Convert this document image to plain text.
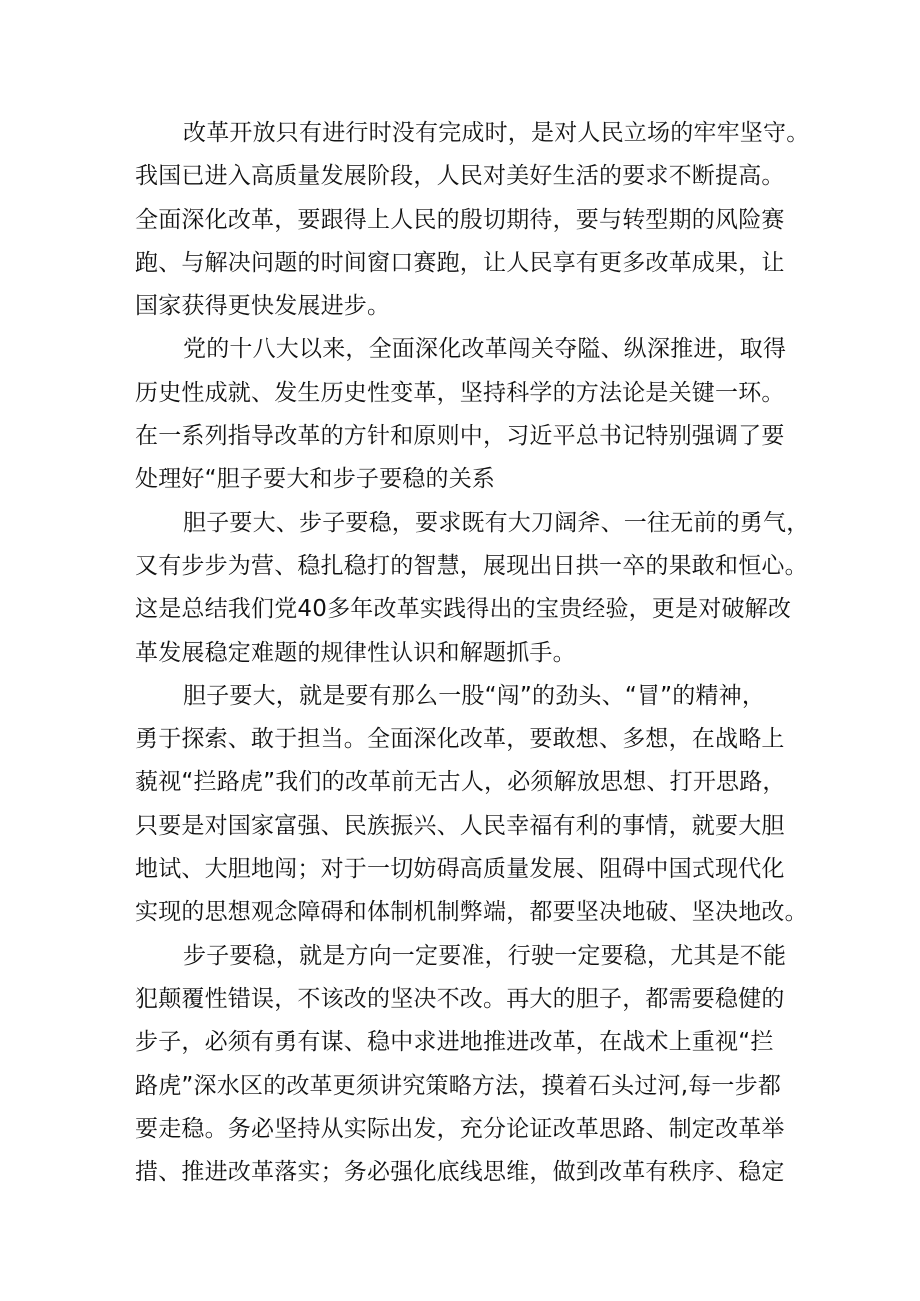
改革开放只有进行时没有完成时，是对人民立场的牢牢坚守。
我国已进入高质量发展阶段，人民对美好生活的要求不断提高。
全面深化改革，要跟得上人民的殷切期待，要与转型期的风险赛
跑、与解决问题的时间窗口赛跑，让人民享有更多改革成果，让
国家获得更快发展进步。

党的十八大以来，全面深化改革闯关夺隘、纵深推进，取得
历史性成就、发生历史性变革，坚持科学的方法论是关键一环。
在一系列指导改革的方针和原则中，习近平总书记特别强调了要
处理好“胆子要大和步子要稳的关系

胆子要大、步子要稳，要求既有大刀阔斧、一往无前的勇气，
又有步步为营、稳扎稳打的智慧，展现出日拱一卒的果敢和恒心。
这是总结我们党40多年改革实践得出的宝贵经验，更是对破解改
革发展稳定难题的规律性认识和解题抓手。

胆子要大，就是要有那么一股“闯”的劲头、“冒”的精神，
勇于探索、敢于担当。全面深化改革，要敢想、多想，在战略上
藐视“拦路虎”我们的改革前无古人，必须解放思想、打开思路，
只要是对国家富强、民族振兴、人民幸福有利的事情，就要大胆
地试、大胆地闯；对于一切妨碍高质量发展、阻碍中国式现代化
实现的思想观念障碍和体制机制弊端，都要坚决地破、坚决地改。

步子要稳，就是方向一定要准，行驶一定要稳，尤其是不能
犯颠覆性错误，不该改的坚决不改。再大的胆子，都需要稳健的
步子，必须有勇有谋、稳中求进地推进改革，在战术上重视“拦
路虎”深水区的改革更须讲究策略方法，摸着石头过河,每一步都
要走稳。务必坚持从实际出发，充分论证改革思路、制定改革举
措、推进改革落实；务必强化底线思维，做到改革有秩序、稳定
